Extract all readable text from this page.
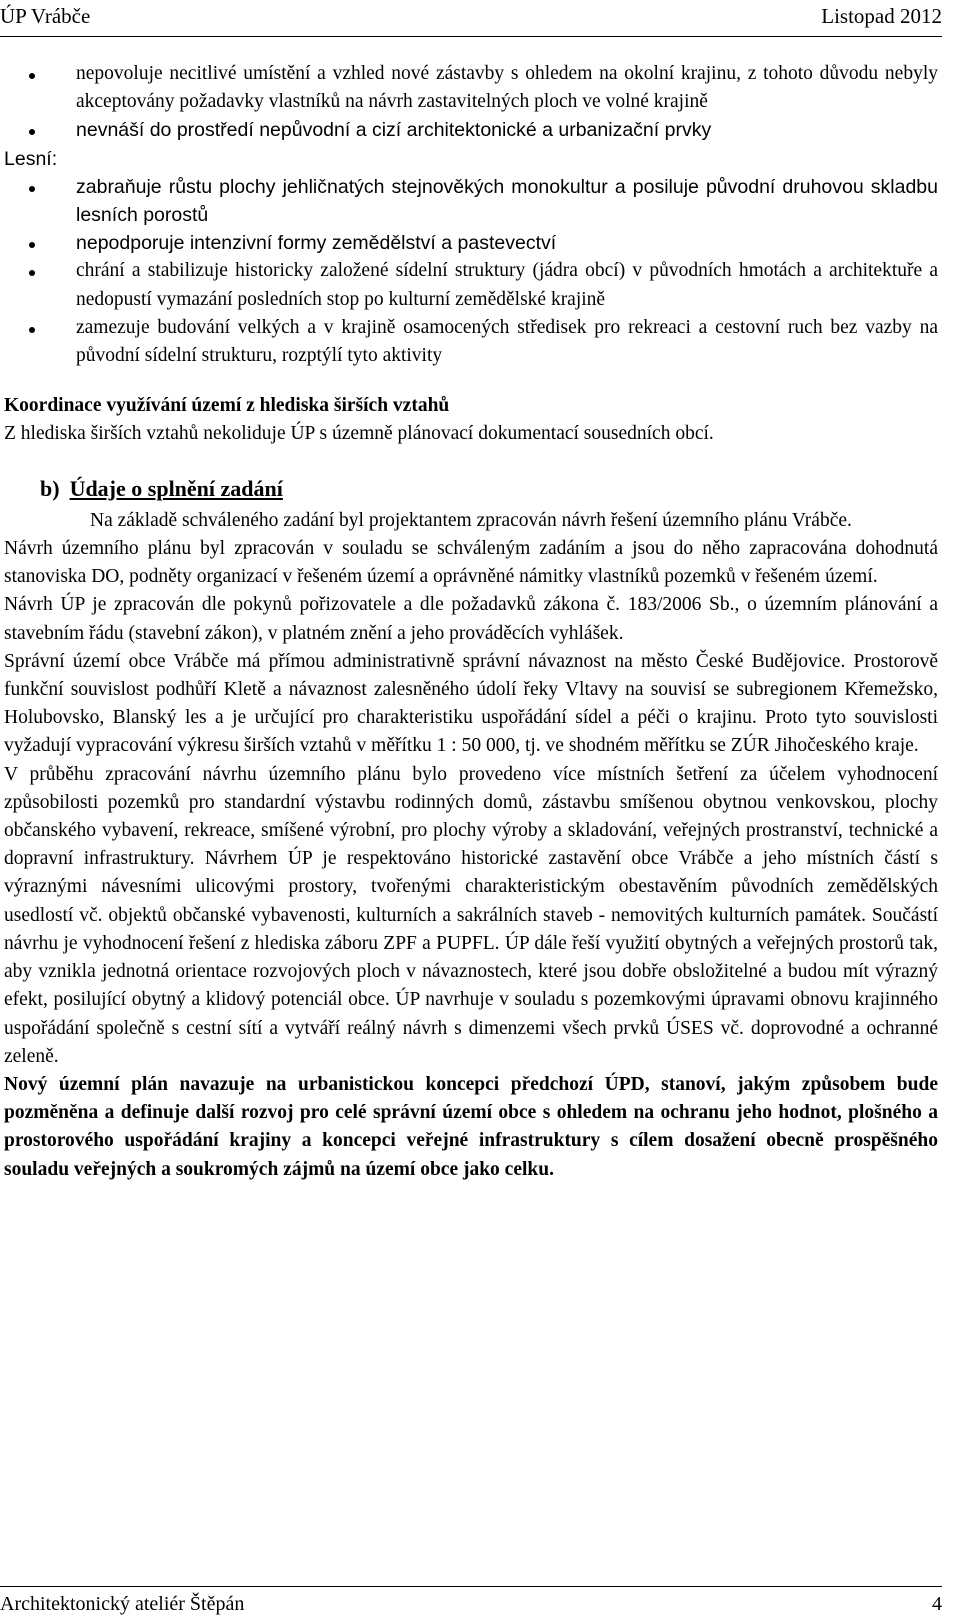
ÚP Vrábče	Listopad 2012
nepovoluje necitlivé umístění a vzhled nové zástavby s ohledem na okolní krajinu, z tohoto důvodu nebyly akceptovány požadavky vlastníků na návrh zastavitelných ploch ve volné krajině
nevnáší do prostředí nepůvodní a cizí architektonické a urbanizační prvky
Lesní:
zabraňuje růstu plochy jehličnatých stejnověkých monokultur a posiluje původní druhovou skladbu lesních porostů
nepodporuje intenzivní formy zemědělství a pastevectví
chrání a stabilizuje historicky založené sídelní struktury (jádra obcí) v původních hmotách a architektuře a nedopustí vymazání posledních stop po kulturní zemědělské krajině
zamezuje budování velkých a v krajině osamocených středisek pro rekreaci a cestovní ruch bez vazby na původní sídelní strukturu, rozptýlí tyto aktivity

Koordinace využívání území z hlediska širších vztahů

Z hlediska širších vztahů nekoliduje ÚP s územně plánovací dokumentací sousedních obcí.

b) Údaje o splnění zadání

Na základě schváleného zadání byl projektantem zpracován návrh řešení územního plánu Vrábče.

Návrh územního plánu byl zpracován v souladu se schváleným zadáním a jsou do něho zapracována dohodnutá stanoviska DO, podněty organizací v řešeném území a oprávněné námitky vlastníků pozemků v řešeném území.

Návrh ÚP je zpracován dle pokynů pořizovatele a dle požadavků zákona č. 183/2006 Sb., o územním plánování a stavebním řádu (stavební zákon), v platném znění a jeho prováděcích vyhlášek.

Správní území obce Vrábče má přímou administrativně správní návaznost na město České Budějovice. Prostorově funkční souvislost podhůří Kletě a návaznost zalesněného údolí řeky Vltavy na souvisí se subregionem Křemežsko, Holubovsko, Blanský les a je určující pro charakteristiku uspořádání sídel a péči o krajinu. Proto tyto souvislosti vyžadují vypracování výkresu širších vztahů v měřítku 1 : 50 000, tj. ve shodném měřítku se ZÚR Jihočeského kraje.

V průběhu zpracování návrhu územního plánu bylo provedeno více místních šetření za účelem vyhodnocení způsobilosti pozemků pro standardní výstavbu rodinných domů, zástavbu smíšenou obytnou venkovskou, plochy občanského vybavení, rekreace, smíšené výrobní, pro plochy výroby a skladování, veřejných prostranství, technické a dopravní infrastruktury. Návrhem ÚP je respektováno historické zastavění obce Vrábče a jeho místních částí s výraznými návesními ulicovými prostory, tvořenými charakteristickým obestavěním původních zemědělských usedlostí vč. objektů občanské vybavenosti, kulturních a sakrálních staveb - nemovitých kulturních památek. Součástí návrhu je vyhodnocení řešení z hlediska záboru ZPF a PUPFL. ÚP dále řeší využití obytných a veřejných prostorů tak, aby vznikla jednotná orientace rozvojových ploch v návaznostech, které jsou dobře obsložitelné a budou mít výrazný efekt, posilující obytný a klidový potenciál obce. ÚP navrhuje v souladu s pozemkovými úpravami obnovu krajinného uspořádání společně s cestní sítí a vytváří reálný návrh s dimenzemi všech prvků ÚSES vč. doprovodné a ochranné zeleně.

Nový územní plán navazuje na urbanistickou koncepci předchozí ÚPD, stanoví, jakým způsobem bude pozměněna a definuje další rozvoj pro celé správní území obce s ohledem na ochranu jeho hodnot, plošného a prostorového uspořádání krajiny a koncepci veřejné infrastruktury s cílem dosažení obecně prospěšného souladu veřejných a soukromých zájmů na území obce jako celku.

Architektonický ateliér Štěpán	4
